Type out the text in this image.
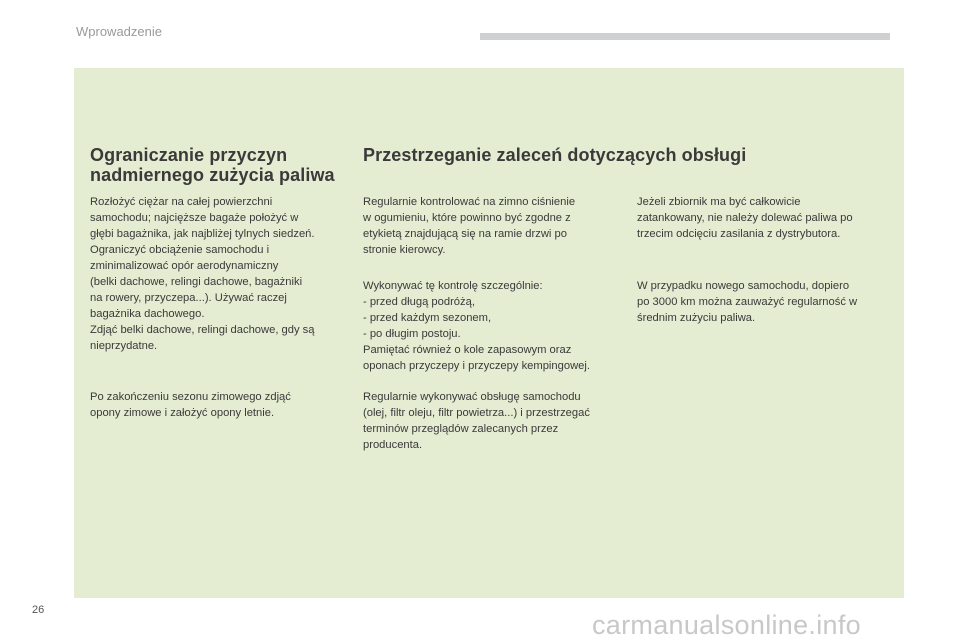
Wprowadzenie
Ograniczanie przyczyn
nadmiernego zużycia paliwa
Rozłożyć ciężar na całej powierzchni
samochodu; najcięższe bagaże położyć w
głębi bagażnika, jak najbliżej tylnych siedzeń.
Ograniczyć obciążenie samochodu i
zminimalizować opór aerodynamiczny
(belki dachowe, relingi dachowe, bagażniki
na rowery, przyczepa...). Używać raczej
bagażnika dachowego.
Zdjąć belki dachowe, relingi dachowe, gdy są
nieprzydatne.
Po zakończeniu sezonu zimowego zdjąć
opony zimowe i założyć opony letnie.
Przestrzeganie zaleceń dotyczących obsługi
Regularnie kontrolować na zimno ciśnienie
w ogumieniu, które powinno być zgodne z
etykietą znajdującą się na ramie drzwi po
stronie kierowcy.
Wykonywać tę kontrolę szczególnie:
- przed długą podróżą,
- przed każdym sezonem,
- po długim postoju.
Pamiętać również o kole zapasowym oraz
oponach przyczepy i przyczepy kempingowej.
Regularnie wykonywać obsługę samochodu
(olej, filtr oleju, filtr powietrza...) i przestrzegać
terminów przeglądów zalecanych przez
producenta.
Jeżeli zbiornik ma być całkowicie
zatankowany, nie należy dolewać paliwa po
trzecim odcięciu zasilania z dystrybutora.
W przypadku nowego samochodu, dopiero
po 3000 km można zauważyć regularność w
średnim zużyciu paliwa.
26	carmanualsonline.info
